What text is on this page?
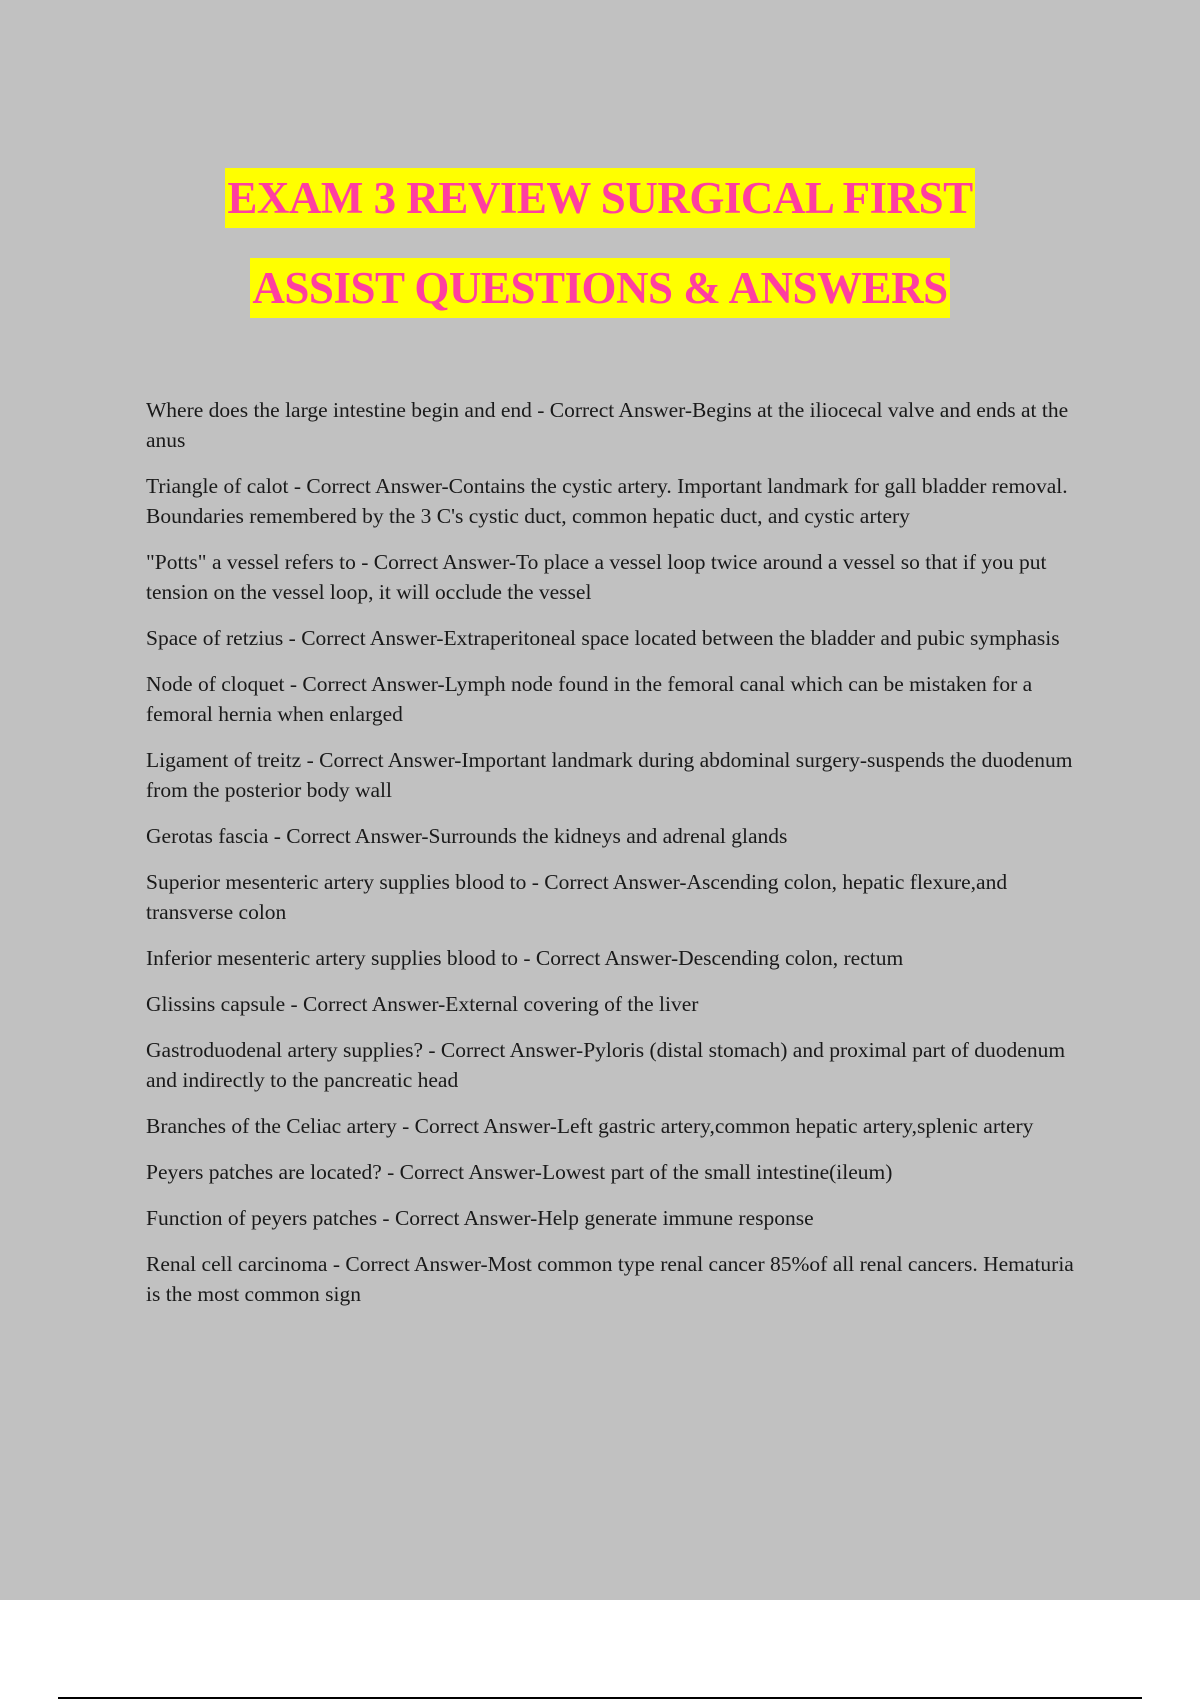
EXAM 3 REVIEW SURGICAL FIRST
ASSIST QUESTIONS & ANSWERS

Where does the large intestine begin and end - Correct Answer-Begins at the iliocecal valve and ends at the anus

Triangle of calot - Correct Answer-Contains the cystic artery. Important landmark for gall bladder removal. Boundaries remembered by the 3 C's cystic duct, common hepatic duct, and cystic artery

"Potts" a vessel refers to - Correct Answer-To place a vessel loop twice around a vessel so that if you put tension on the vessel loop, it will occlude the vessel

Space of retzius - Correct Answer-Extraperitoneal space located between the bladder and pubic symphasis

Node of cloquet - Correct Answer-Lymph node found in the femoral canal which can be mistaken for a femoral hernia when enlarged

Ligament of treitz - Correct Answer-Important landmark during abdominal surgery-suspends the duodenum from the posterior body wall

Gerotas fascia - Correct Answer-Surrounds the kidneys and adrenal glands

Superior mesenteric artery supplies blood to - Correct Answer-Ascending colon, hepatic flexure,and transverse colon

Inferior mesenteric artery supplies blood to - Correct Answer-Descending colon, rectum

Glissins capsule - Correct Answer-External covering of the liver

Gastroduodenal artery supplies? - Correct Answer-Pyloris (distal stomach) and proximal part of duodenum and indirectly to the pancreatic head

Branches of the Celiac artery - Correct Answer-Left gastric artery,common hepatic artery,splenic artery

Peyers patches are located? - Correct Answer-Lowest part of the small intestine(ileum)

Function of peyers patches - Correct Answer-Help generate immune response

Renal cell carcinoma - Correct Answer-Most common type renal cancer 85%of all renal cancers. Hematuria is the most common sign
